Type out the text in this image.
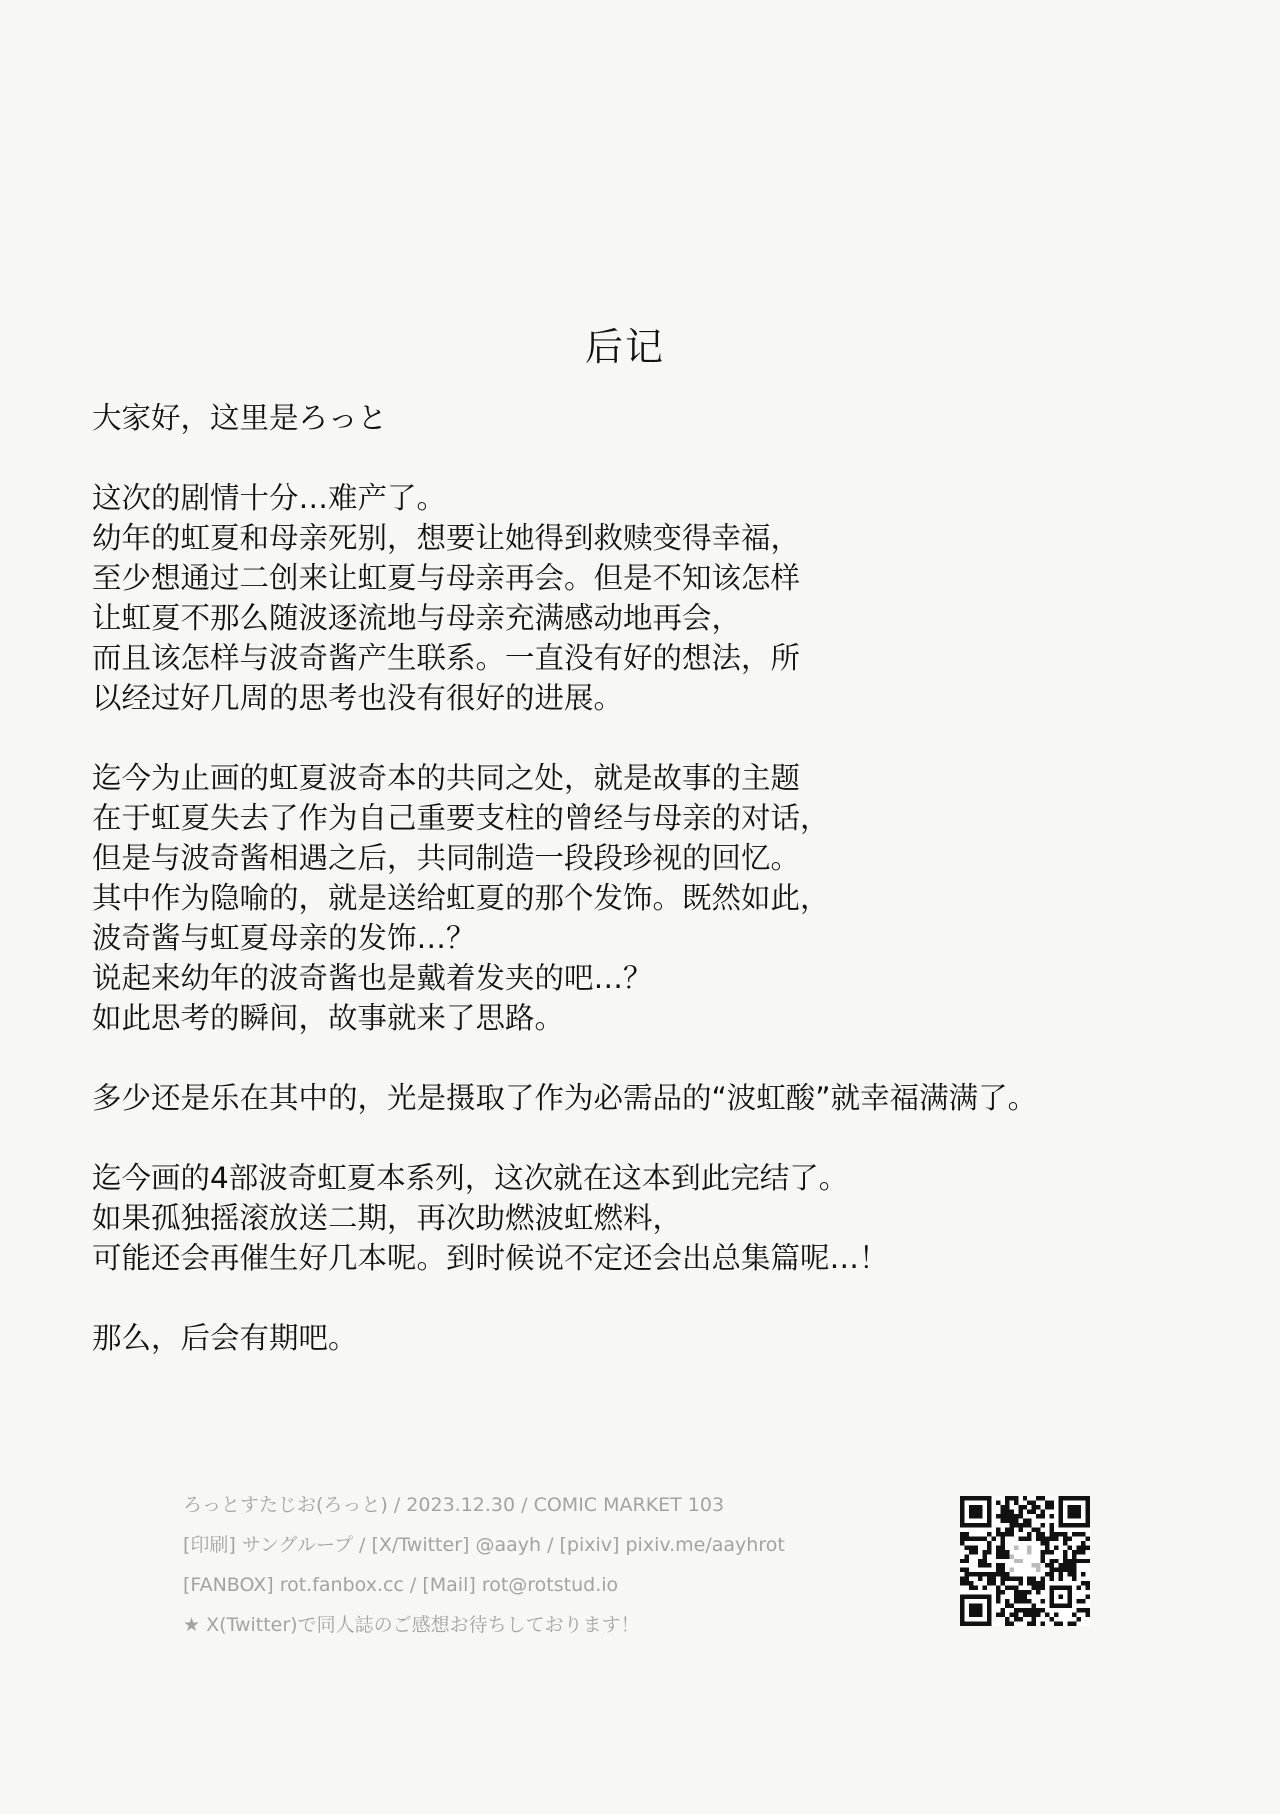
后记
大家好，这里是ろっと
这次的剧情十分…难产了。
幼年的虹夏和母亲死别，想要让她得到救赎变得幸福，
至少想通过二创来让虹夏与母亲再会。但是不知该怎样
让虹夏不那么随波逐流地与母亲充满感动地再会，
而且该怎样与波奇酱产生联系。一直没有好的想法，所
以经过好几周的思考也没有很好的进展。
迄今为止画的虹夏波奇本的共同之处，就是故事的主题
在于虹夏失去了作为自己重要支柱的曾经与母亲的对话，
但是与波奇酱相遇之后，共同制造一段段珍视的回忆。
其中作为隐喻的，就是送给虹夏的那个发饰。既然如此，
波奇酱与虹夏母亲的发饰…？
说起来幼年的波奇酱也是戴着发夹的吧…？
如此思考的瞬间，故事就来了思路。
多少还是乐在其中的，光是摄取了作为必需品的“波虹酸”就幸福满满了。
迄今画的4部波奇虹夏本系列，这次就在这本到此完结了。
如果孤独摇滚放送二期，再次助燃波虹燃料，
可能还会再催生好几本呢。到时候说不定还会出总集篇呢…！
那么，后会有期吧。
ろっとすたじお(ろっと) / 2023.12.30 / COMIC MARKET 103
[印刷] サングループ / [X/Twitter] @aayh / [pixiv] pixiv.me/aayhrot
[FANBOX] rot.fanbox.cc / [Mail] rot@rotstud.io
★ X(Twitter)で同人誌のご感想お待ちしております！
